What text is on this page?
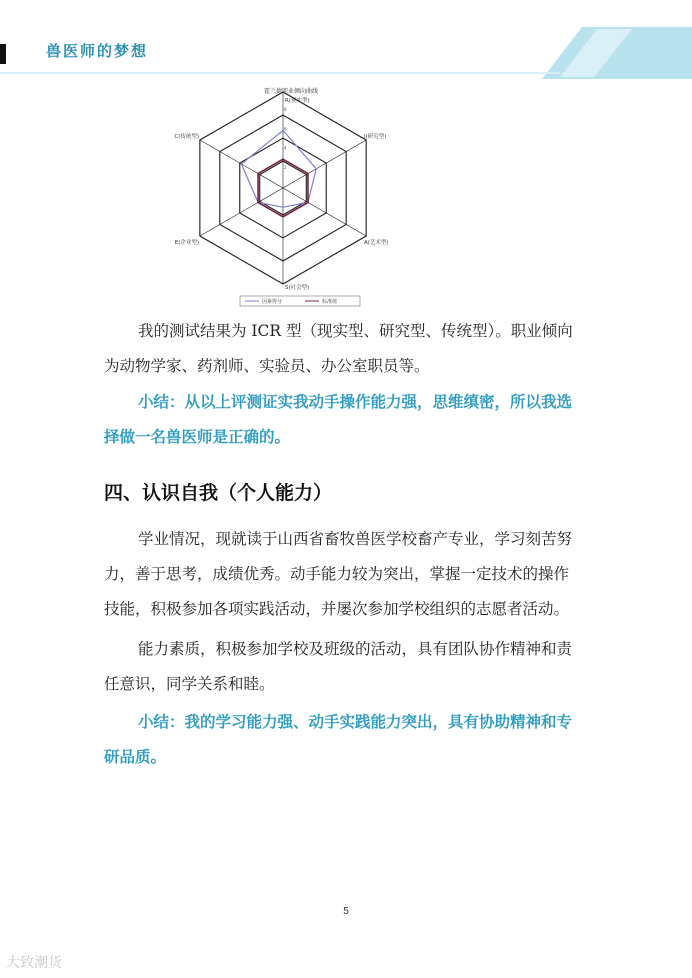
兽医师的梦想
2
4
6
8
R(现实型)
I(研究型)
A(艺术型)
S(社会型)
E(企业型)
C(传统型)
因素得分	标准值
霍兰德职业倾向曲线
我的测试结果为 ICR 型（现实型、研究型、传统型）。职业倾向
为动物学家、药剂师、实验员、办公室职员等。
小结：从以上评测证实我动手操作能力强，思维缜密，所以我选
择做一名兽医师是正确的。
四、认识自我（个人能力）
学业情况，现就读于山西省畜牧兽医学校畜产专业，学习刻苦努
力，善于思考，成绩优秀。动手能力较为突出，掌握一定技术的操作
技能，积极参加各项实践活动，并屡次参加学校组织的志愿者活动。
能力素质，积极参加学校及班级的活动，具有团队协作精神和责
任意识，同学关系和睦。
小结：我的学习能力强、动手实践能力突出，具有协助精神和专
研品质。
5
大致潮货
